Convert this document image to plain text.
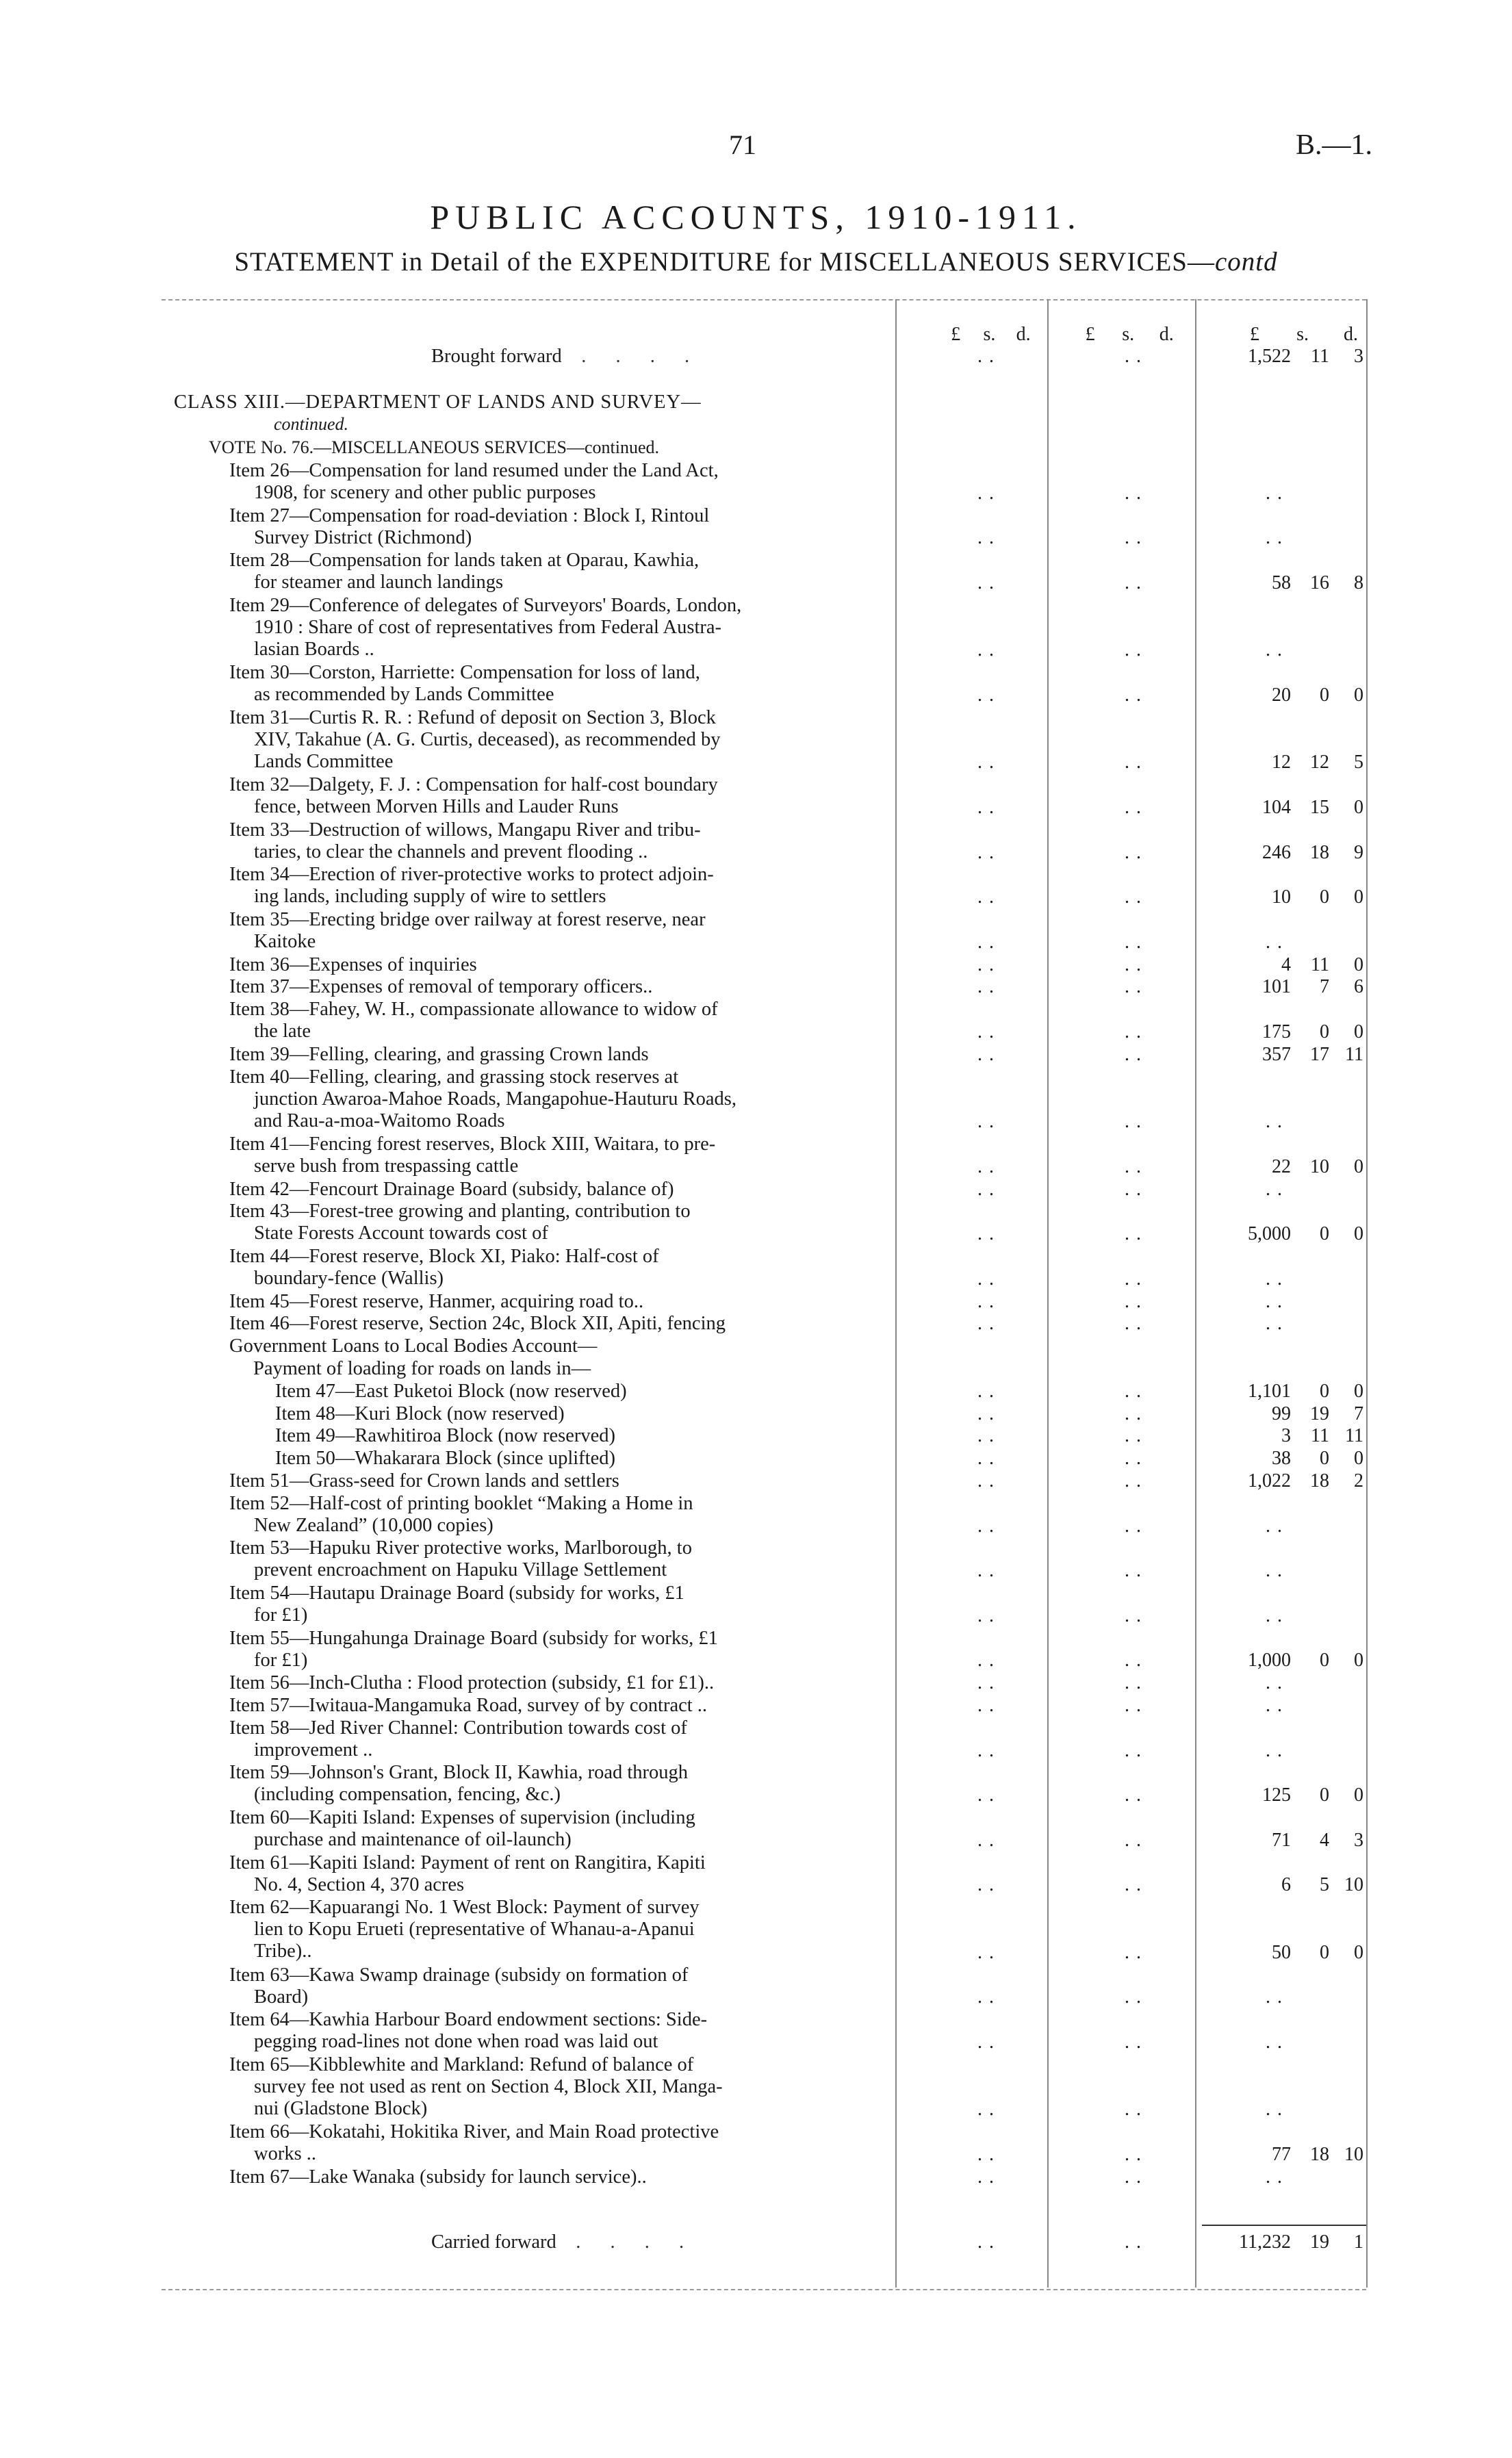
71	B.—1.
PUBLIC ACCOUNTS, 1910-1911.
STATEMENT in Detail of the EXPENDITURE for MISCELLANEOUS SERVICES—contd
£ s. d.	£ s. d.	£ s. d.
Brought forward . . . .	..	..	1,522 11 3
CLASS XIII.—DEPARTMENT OF LANDS AND SURVEY—
continued.
VOTE No. 76.—MISCELLANEOUS SERVICES—continued.
Item 26—Compensation for land resumed under the Land Act,
1908, for scenery and other public purposes	..	..	..
Item 27—Compensation for road-deviation : Block I, Rintoul
Survey District (Richmond)	..	..	..
Item 28—Compensation for lands taken at Oparau, Kawhia,
for steamer and launch landings	..	..	58 16 8
Item 29—Conference of delegates of Surveyors' Boards, London,
1910 : Share of cost of representatives from Federal Austra-
lasian Boards ..	..	..	..
Item 30—Corston, Harriette: Compensation for loss of land,
as recommended by Lands Committee	..	..	20 0 0
Item 31—Curtis R. R. : Refund of deposit on Section 3, Block
XIV, Takahue (A. G. Curtis, deceased), as recommended by
Lands Committee	..	..	12 12 5
Item 32—Dalgety, F. J. : Compensation for half-cost boundary
fence, between Morven Hills and Lauder Runs	..	..	104 15 0
Item 33—Destruction of willows, Mangapu River and tribu-
taries, to clear the channels and prevent flooding ..	..	..	246 18 9
Item 34—Erection of river-protective works to protect adjoin-
ing lands, including supply of wire to settlers	..	..	10 0 0
Item 35—Erecting bridge over railway at forest reserve, near
Kaitoke	..	..	..
Item 36—Expenses of inquiries	..	..	4 11 0
Item 37—Expenses of removal of temporary officers..	..	..	101 7 6
Item 38—Fahey, W. H., compassionate allowance to widow of
the late	..	..	175 0 0
Item 39—Felling, clearing, and grassing Crown lands	..	..	357 17 11
Item 40—Felling, clearing, and grassing stock reserves at
junction Awaroa-Mahoe Roads, Mangapohue-Hauturu Roads,
and Rau-a-moa-Waitomo Roads	..	..	..
Item 41—Fencing forest reserves, Block XIII, Waitara, to pre-
serve bush from trespassing cattle	..	..	22 10 0
Item 42—Fencourt Drainage Board (subsidy, balance of)	..	..	..
Item 43—Forest-tree growing and planting, contribution to
State Forests Account towards cost of	..	..	5,000 0 0
Item 44—Forest reserve, Block XI, Piako: Half-cost of
boundary-fence (Wallis)	..	..	..
Item 45—Forest reserve, Hanmer, acquiring road to..	..	..	..
Item 46—Forest reserve, Section 24c, Block XII, Apiti, fencing	..	..	..
Government Loans to Local Bodies Account—
Payment of loading for roads on lands in—
Item 47—East Puketoi Block (now reserved)	..	..	1,101 0 0
Item 48—Kuri Block (now reserved)	..	..	99 19 7
Item 49—Rawhitiroa Block (now reserved)	..	..	3 11 11
Item 50—Whakarara Block (since uplifted)	..	..	38 0 0
Item 51—Grass-seed for Crown lands and settlers	..	..	1,022 18 2
Item 52—Half-cost of printing booklet “Making a Home in
New Zealand” (10,000 copies)	..	..	..
Item 53—Hapuku River protective works, Marlborough, to
prevent encroachment on Hapuku Village Settlement	..	..	..
Item 54—Hautapu Drainage Board (subsidy for works, £1
for £1)	..	..	..
Item 55—Hungahunga Drainage Board (subsidy for works, £1
for £1)	..	..	1,000 0 0
Item 56—Inch-Clutha : Flood protection (subsidy, £1 for £1)..	..	..	..
Item 57—Iwitaua-Mangamuka Road, survey of by contract ..	..	..	..
Item 58—Jed River Channel: Contribution towards cost of
improvement ..	..	..	..
Item 59—Johnson's Grant, Block II, Kawhia, road through
(including compensation, fencing, &c.)	..	..	125 0 0
Item 60—Kapiti Island: Expenses of supervision (including
purchase and maintenance of oil-launch)	..	..	71 4 3
Item 61—Kapiti Island: Payment of rent on Rangitira, Kapiti
No. 4, Section 4, 370 acres	..	..	6 5 10
Item 62—Kapuarangi No. 1 West Block: Payment of survey
lien to Kopu Erueti (representative of Whanau-a-Apanui
Tribe)..	..	..	50 0 0
Item 63—Kawa Swamp drainage (subsidy on formation of
Board)	..	..	..
Item 64—Kawhia Harbour Board endowment sections: Side-
pegging road-lines not done when road was laid out	..	..	..
Item 65—Kibblewhite and Markland: Refund of balance of
survey fee not used as rent on Section 4, Block XII, Manga-
nui (Gladstone Block)	..	..	..
Item 66—Kokatahi, Hokitika River, and Main Road protective
works ..	..	..	77 18 10
Item 67—Lake Wanaka (subsidy for launch service)..	..	..	..
Carried forward . . . .	..	..	11,232 19 1
